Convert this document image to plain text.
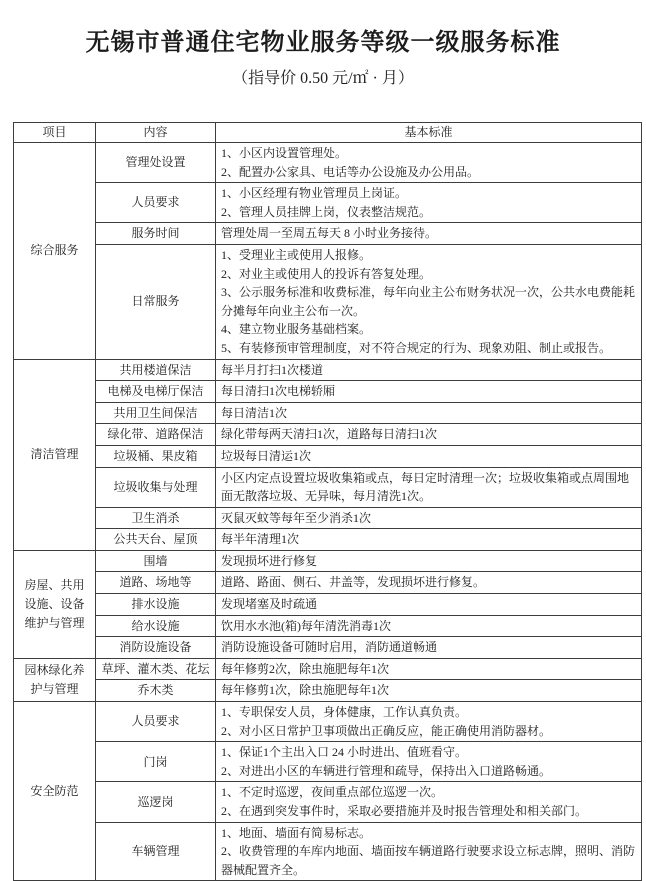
无锡市普通住宅物业服务等级一级服务标准
（指导价 0.50 元/㎡ · 月）
项目	内容	基本标准
综合服务	管理处设置	1、小区内设置管理处。
2、配置办公家具、电话等办公设施及办公用品。

	人员要求	1、小区经理有物业管理员上岗证。
2、管理人员挂牌上岗，仪表整洁规范。

	服务时间	管理处周一至周五每天 8 小时业务接待。

	日常服务	1、受理业主或使用人报修。
2、对业主或使用人的投诉有答复处理。
3、公示服务标准和收费标准，每年向业主公布财务状况一次，公共水电费能耗分摊每年向业主公布一次。
4、建立物业服务基础档案。
5、有装修预审管理制度，对不符合规定的行为、现象劝阻、制止或报告。

清洁管理	共用楼道保洁	每半月打扫1次楼道

	电梯及电梯厅保洁	每日清扫1次电梯轿厢

	共用卫生间保洁	每日清洁1次

	绿化带、道路保洁	绿化带每两天清扫1次，道路每日清扫1次

	垃圾桶、果皮箱	垃圾每日清运1次

	垃圾收集与处理	小区内定点设置垃圾收集箱或点，每日定时清理一次；垃圾收集箱或点周围地面无散落垃圾、无异味，每月清洗1次。

	卫生消杀	灭鼠灭蚊等每年至少消杀1次

	公共天台、屋顶	每半年清理1次

房屋、共用设施、设备维护与管理	围墙	发现损坏进行修复

	道路、场地等	道路、路面、侧石、井盖等，发现损坏进行修复。

	排水设施	发现堵塞及时疏通

	给水设施	饮用水水池(箱)每年清洗消毒1次

	消防设施设备	消防设施设备可随时启用，消防通道畅通

园林绿化养护与管理	草坪、灌木类、花坛	每年修剪2次，除虫施肥每年1次

	乔木类	每年修剪1次，除虫施肥每年1次

安全防范	人员要求	1、专职保安人员，身体健康，工作认真负责。
2、对小区日常护卫事项做出正确反应，能正确使用消防器材。

	门岗	1、保证1个主出入口 24 小时进出、值班看守。
2、对进出小区的车辆进行管理和疏导，保持出入口道路畅通。

	巡逻岗	1、不定时巡逻，夜间重点部位巡逻一次。
2、在遇到突发事件时，采取必要措施并及时报告管理处和相关部门。

	车辆管理	1、地面、墙面有简易标志。
2、收费管理的车库内地面、墙面按车辆道路行驶要求设立标志牌，照明、消防器械配置齐全。
